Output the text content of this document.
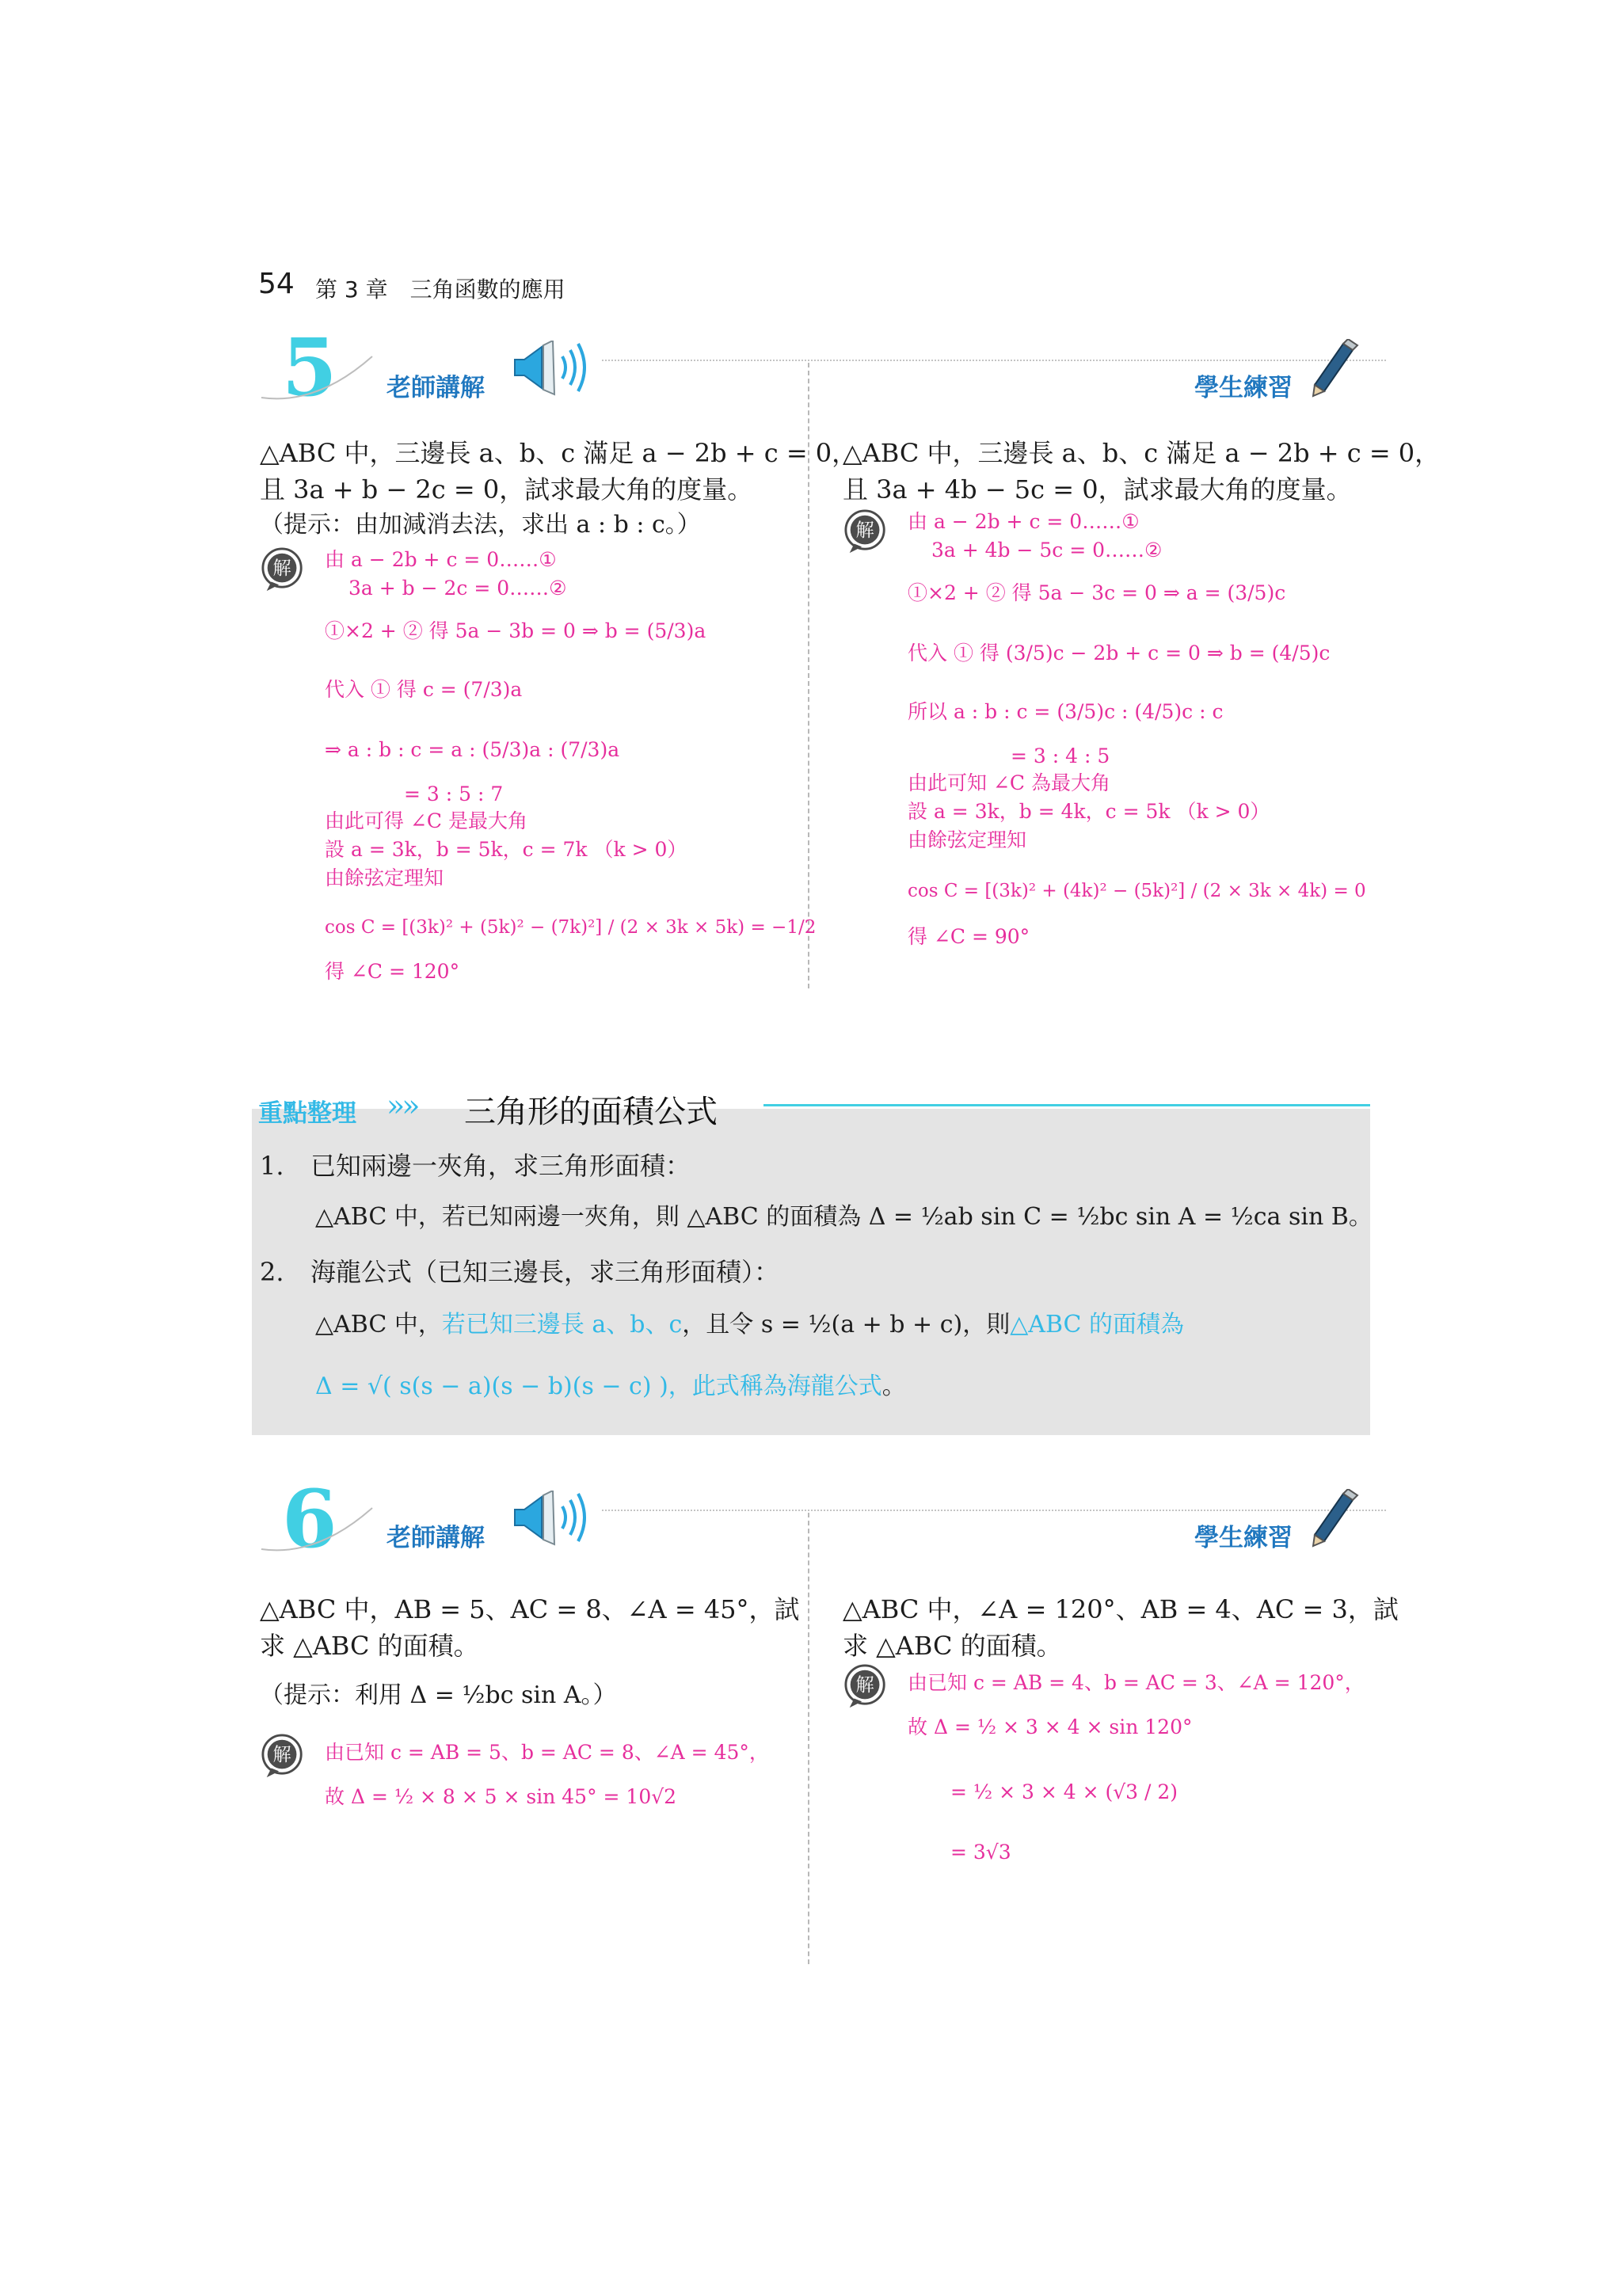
54 第 3 章　三角函數的應用
5 老師講解	學生練習
△ABC 中，三邊長 a、b、c 滿足 a − 2b + c = 0，
且 3a + b − 2c = 0，試求最大角的度量。
（提示：由加減消去法，求出 a : b : c。）
解 由 a − 2b + c = 0……①
3a + b − 2c = 0……②
①×2 + ② 得 5a − 3b = 0 ⇒ b = (5/3)a
代入 ① 得 c = (7/3)a
⇒ a : b : c = a : (5/3)a : (7/3)a
= 3 : 5 : 7
由此可得 ∠C 是最大角
設 a = 3k，b = 5k，c = 7k （k > 0）
由餘弦定理知
cos C = [(3k)² + (5k)² − (7k)²] / (2 × 3k × 5k) = −1/2
得 ∠C = 120°
△ABC 中，三邊長 a、b、c 滿足 a − 2b + c = 0，
且 3a + 4b − 5c = 0，試求最大角的度量。
解 由 a − 2b + c = 0……①
3a + 4b − 5c = 0……②
①×2 + ② 得 5a − 3c = 0 ⇒ a = (3/5)c
代入 ① 得 (3/5)c − 2b + c = 0 ⇒ b = (4/5)c
所以 a : b : c = (3/5)c : (4/5)c : c
= 3 : 4 : 5
由此可知 ∠C 為最大角
設 a = 3k，b = 4k，c = 5k （k > 0）
由餘弦定理知
cos C = [(3k)² + (4k)² − (5k)²] / (2 × 3k × 4k) = 0
得 ∠C = 90°
重點整理 »» 三角形的面積公式
1. 已知兩邊一夾角，求三角形面積：
△ABC 中，若已知兩邊一夾角，則 △ABC 的面積為 Δ = ½ab sin C = ½bc sin A = ½ca sin B。
2. 海龍公式（已知三邊長，求三角形面積）：
△ABC 中，若已知三邊長 a、b、c，且令 s = ½(a + b + c)，則△ABC 的面積為
Δ = √( s(s − a)(s − b)(s − c) )，此式稱為海龍公式。
6 老師講解	學生練習
△ABC 中，AB = 5、AC = 8、∠A = 45°，試
求 △ABC 的面積。
（提示：利用 Δ = ½bc sin A。）
解 由已知 c = AB = 5、b = AC = 8、∠A = 45°，
故 Δ = ½ × 8 × 5 × sin 45° = 10√2
△ABC 中，∠A = 120°、AB = 4、AC = 3，試
求 △ABC 的面積。
解 由已知 c = AB = 4、b = AC = 3、∠A = 120°，
故 Δ = ½ × 3 × 4 × sin 120°
= ½ × 3 × 4 × (√3 / 2)
= 3√3
